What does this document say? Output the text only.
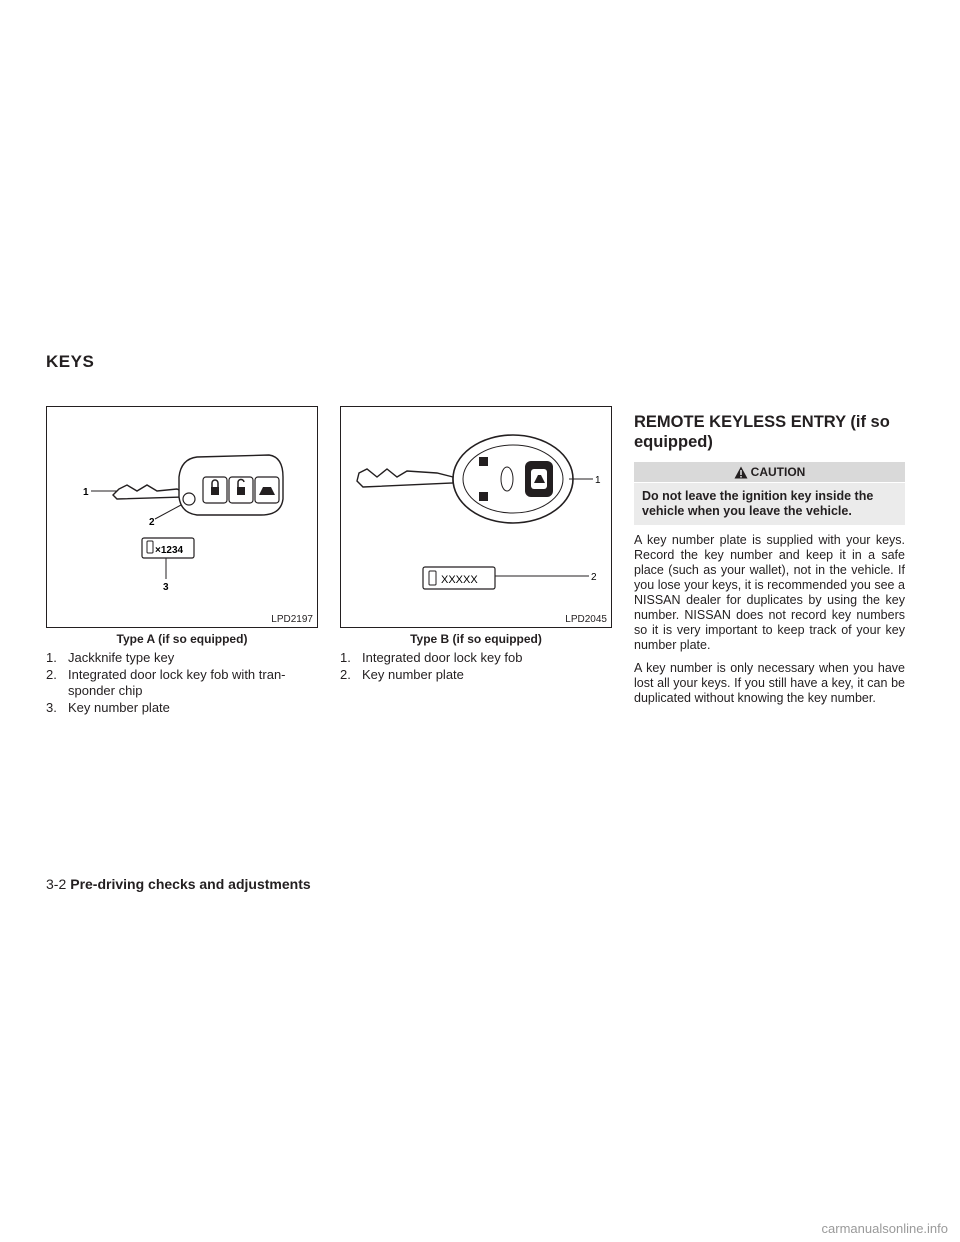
KEYS
1
2
×1234
3
LPD2197
Type A (if so equipped)
1
XXXXX	2
LPD2045
Type B (if so equipped)
1. Jackknife type key
2. Integrated door lock key fob with tran-sponder chip
3. Key number plate
1. Integrated door lock key fob
2. Key number plate
REMOTE KEYLESS ENTRY (if so equipped)
CAUTION
Do not leave the ignition key inside the vehicle when you leave the vehicle.

A key number plate is supplied with your keys. Record the key number and keep it in a safe place (such as your wallet), not in the vehicle. If you lose your keys, it is recommended you see a NISSAN dealer for duplicates by using the key number. NISSAN does not record key numbers so it is very important to keep track of your key number plate.

A key number is only necessary when you have lost all your keys. If you still have a key, it can be duplicated without knowing the key number.

3-2 Pre-driving checks and adjustments
carmanualsonline.info
